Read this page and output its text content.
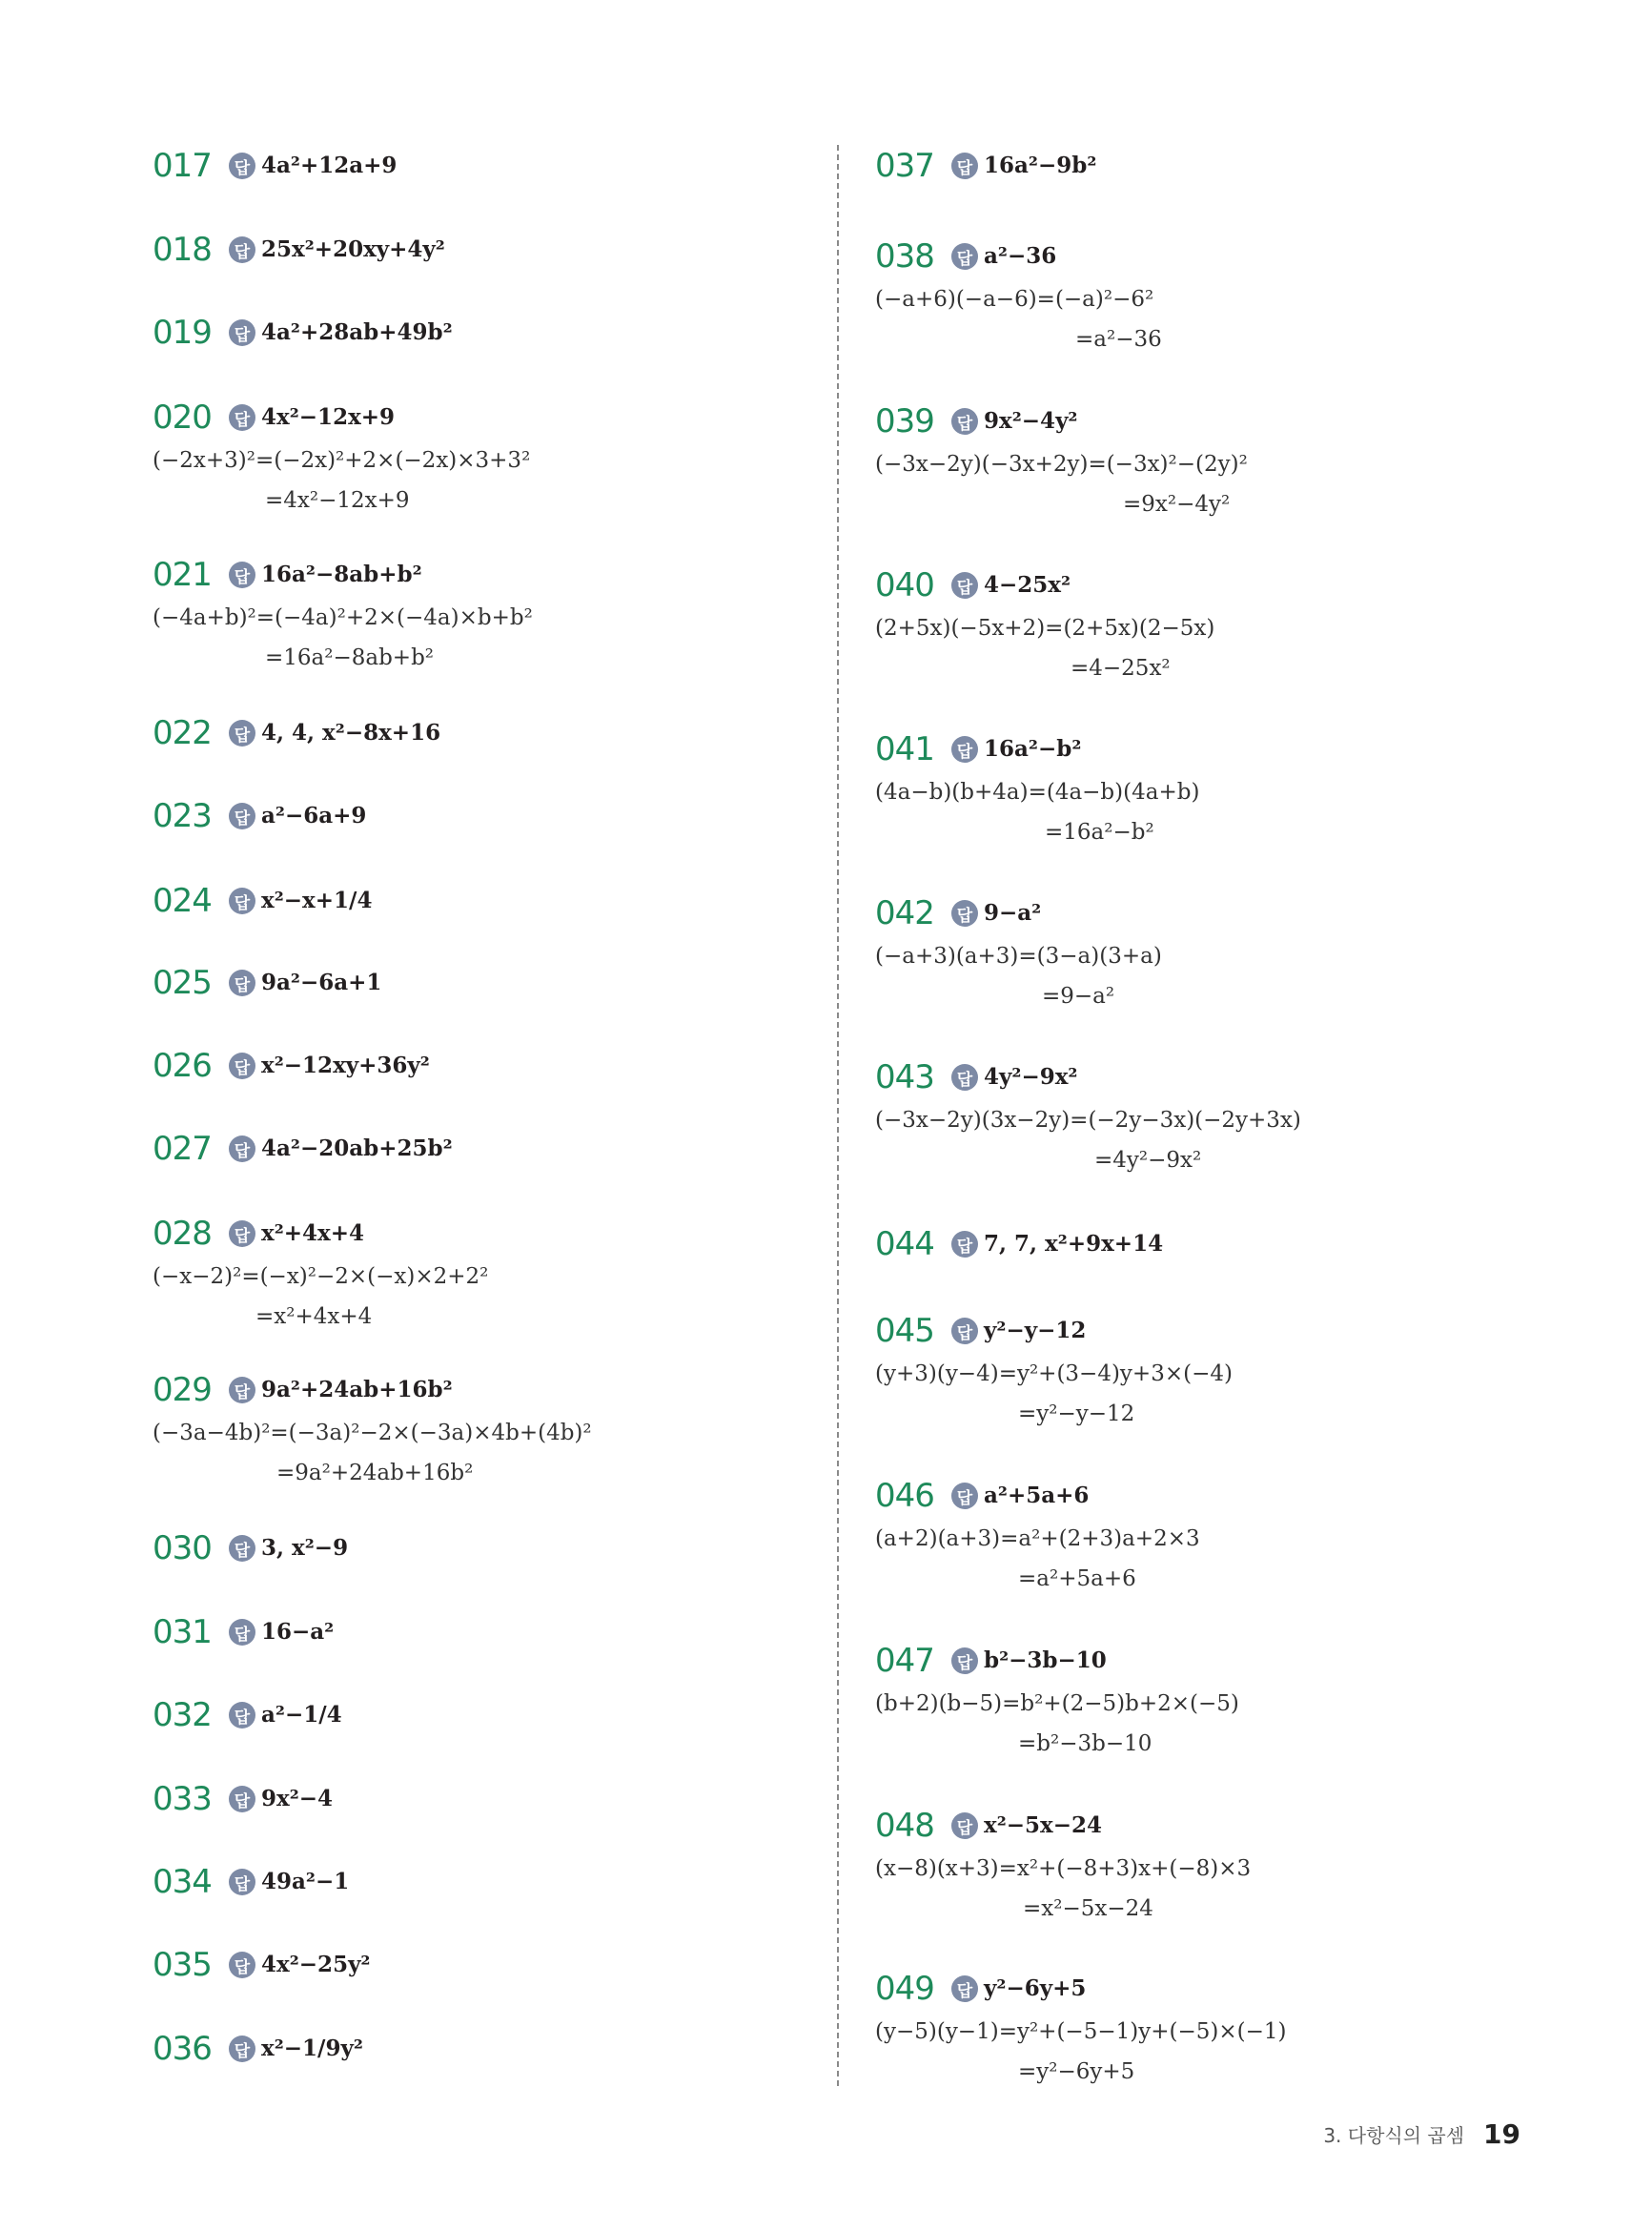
017	답 4a²+12a+9
018	답 25x²+20xy+4y²
019	답 4a²+28ab+49b²
020	답 4x²−12x+9
(−2x+3)²=(−2x)²+2×(−2x)×3+3²
=4x²−12x+9
021	답 16a²−8ab+b²
(−4a+b)²=(−4a)²+2×(−4a)×b+b²
=16a²−8ab+b²
022	답 4, 4, x²−8x+16
023	답 a²−6a+9
024	답 x²−x+1/4
025	답 9a²−6a+1
026	답 x²−12xy+36y²
027	답 4a²−20ab+25b²
028	답 x²+4x+4
(−x−2)²=(−x)²−2×(−x)×2+2²
=x²+4x+4
029	답 9a²+24ab+16b²
(−3a−4b)²=(−3a)²−2×(−3a)×4b+(4b)²
=9a²+24ab+16b²
030	답 3, x²−9
031	답 16−a²
032	답 a²−1/4
033	답 9x²−4
034	답 49a²−1
035	답 4x²−25y²
036	답 x²−1/9y²
037	답 16a²−9b²
038	답 a²−36
(−a+6)(−a−6)=(−a)²−6²
=a²−36
039	답 9x²−4y²
(−3x−2y)(−3x+2y)=(−3x)²−(2y)²
=9x²−4y²
040	답 4−25x²
(2+5x)(−5x+2)=(2+5x)(2−5x)
=4−25x²
041	답 16a²−b²
(4a−b)(b+4a)=(4a−b)(4a+b)
=16a²−b²
042	답 9−a²
(−a+3)(a+3)=(3−a)(3+a)
=9−a²
043	답 4y²−9x²
(−3x−2y)(3x−2y)=(−2y−3x)(−2y+3x)
=4y²−9x²
044	답 7, 7, x²+9x+14
045	답 y²−y−12
(y+3)(y−4)=y²+(3−4)y+3×(−4)
=y²−y−12
046	답 a²+5a+6
(a+2)(a+3)=a²+(2+3)a+2×3
=a²+5a+6
047	답 b²−3b−10
(b+2)(b−5)=b²+(2−5)b+2×(−5)
=b²−3b−10
048	답 x²−5x−24
(x−8)(x+3)=x²+(−8+3)x+(−8)×3
=x²−5x−24
049	답 y²−6y+5
(y−5)(y−1)=y²+(−5−1)y+(−5)×(−1)
=y²−6y+5
3. 다항식의 곱셈 19
